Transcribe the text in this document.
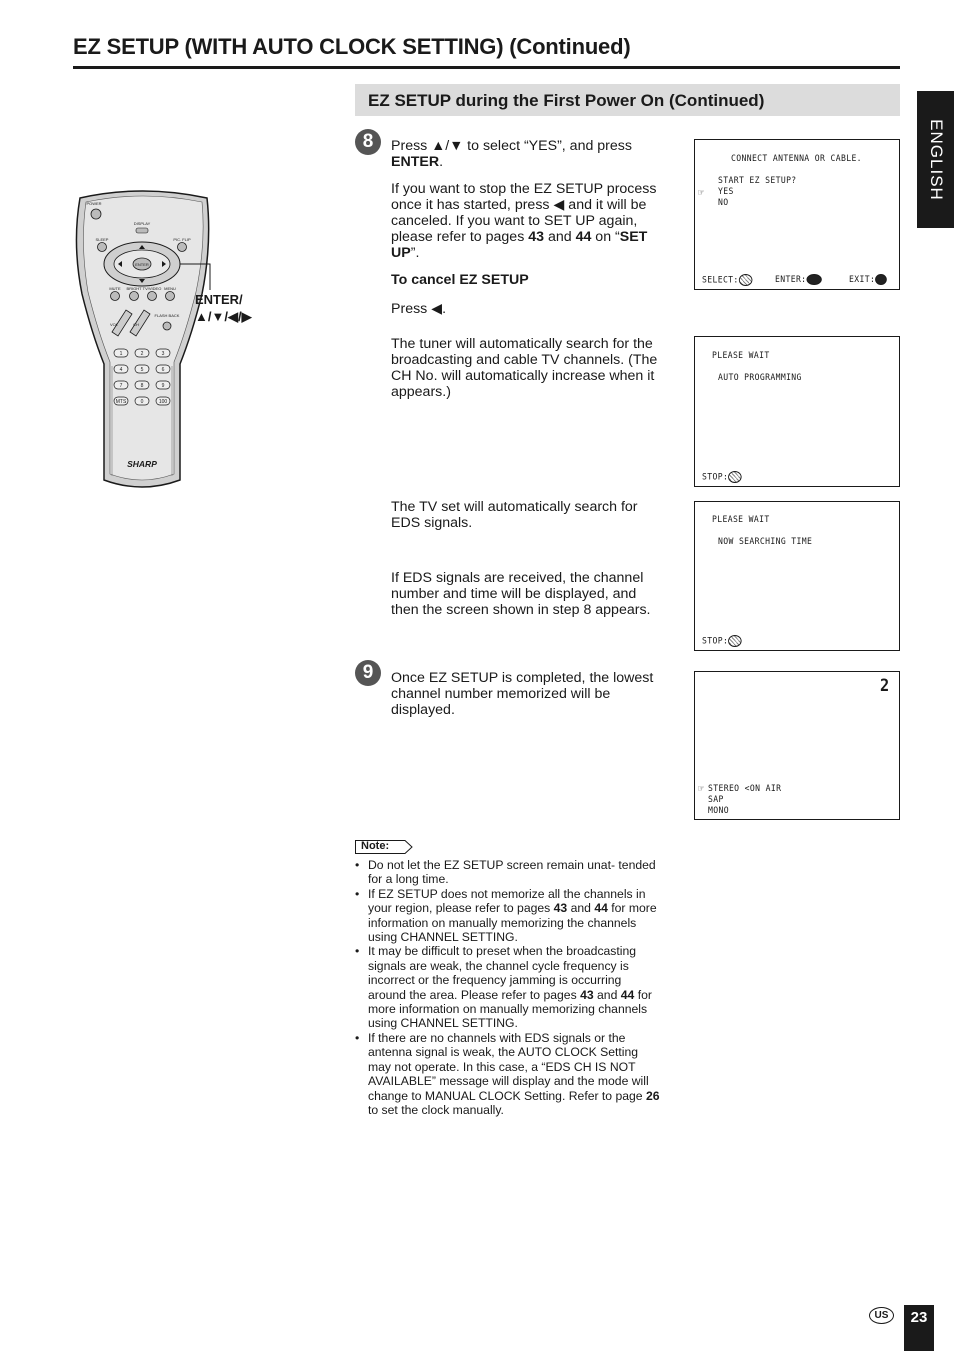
EZ SETUP (WITH AUTO CLOCK SETTING) (Continued)
EZ SETUP during the First Power On (Continued)
ENGLISH
SHARP
POWER
DISPLAY
SLEEP	PIC. FLIP
ENTER
MUTE BRIGHT TV/VIDEO MENU
VOL	CH
FLASH BACK
1	2	3
4	5	6
7	8	9
MTS	0	100
ENTER/
▲/▼/◀/▶
8	Press ▲/▼ to select “YES”, and press ENTER.

If you want to stop the EZ SETUP process once it has started, press ◀ and it will be canceled. If you want to SET UP again, please refer to pages 43 and 44 on “SET UP”.

To cancel EZ SETUP

Press ◀.

The tuner will automatically search for the broadcasting and cable TV channels. (The CH No. will automatically increase when it appears.)
The TV set will automatically search for EDS signals.
If EDS signals are received, the channel number and time will be displayed, and then the screen shown in step 8 appears.
9	Once EZ SETUP is completed, the lowest channel number memorized will be displayed.
CONNECT ANTENNA OR CABLE.
START EZ SETUP?
☞ YES
NO
SELECT:	ENTER:	EXIT:
PLEASE WAIT
AUTO PROGRAMMING
STOP:
PLEASE WAIT
NOW SEARCHING TIME
STOP:
2
☞ STEREO <ON AIR
SAP
MONO
Note:
• Do not let the EZ SETUP screen remain unat- tended for a long time.
• If EZ SETUP does not memorize all the channels in your region, please refer to pages 43 and 44 for more information on manually memorizing the channels using CHANNEL SETTING.
• It may be difficult to preset when the broadcasting signals are weak, the channel cycle frequency is incorrect or the frequency jamming is occurring around the area. Please refer to pages 43 and 44 for more information on manually memorizing channels using CHANNEL SETTING.
• If there are no channels with EDS signals or the antenna signal is weak, the AUTO CLOCK Setting may not operate. In this case, a “EDS CH IS NOT AVAILABLE” message will display and the mode will change to MANUAL CLOCK Setting. Refer to page 26 to set the clock manually.
US	23
